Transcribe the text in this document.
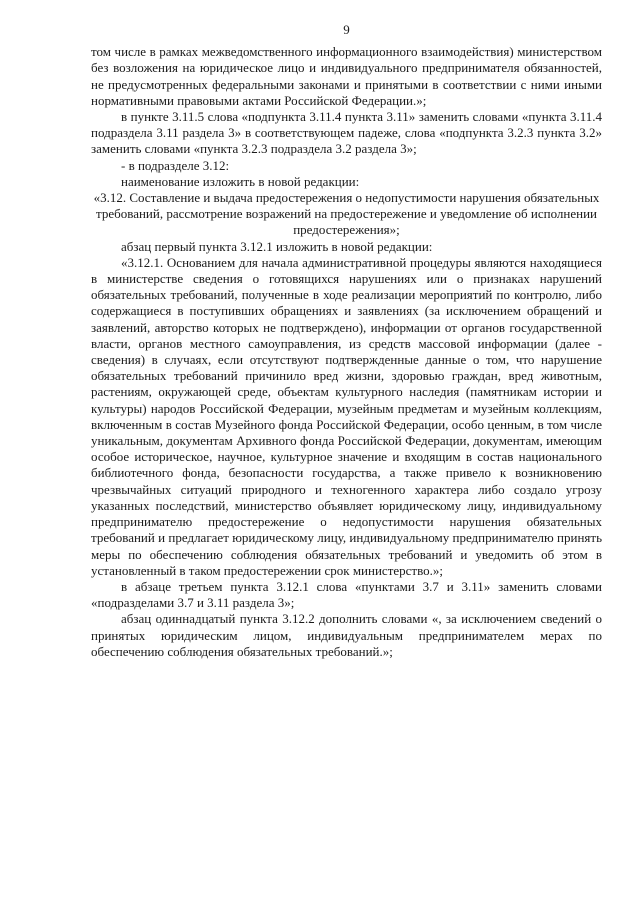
9

том числе в рамках межведомственного информационного взаимодействия) министерством без возложения на юридическое лицо и индивидуального предпринимателя обязанностей, не предусмотренных федеральными законами и принятыми в соответствии с ними иными нормативными правовыми актами Российской Федерации.»;

в пункте 3.11.5 слова «подпункта 3.11.4 пункта 3.11» заменить словами «пункта 3.11.4 подраздела 3.11 раздела 3» в соответствующем падеже, слова «подпункта 3.2.3 пункта 3.2» заменить словами «пункта 3.2.3 подраздела 3.2 раздела 3»;

- в подразделе 3.12:

наименование изложить в новой редакции:

«3.12. Составление и выдача предостережения о недопустимости нарушения обязательных требований, рассмотрение возражений на предостережение и уведомление об исполнении предостережения»;

абзац первый пункта 3.12.1 изложить в новой редакции:

«3.12.1. Основанием для начала административной процедуры являются находящиеся в министерстве сведения о готовящихся нарушениях или о признаках нарушений обязательных требований, полученные в ходе реализации мероприятий по контролю, либо содержащиеся в поступивших обращениях и заявлениях (за исключением обращений и заявлений, авторство которых не подтверждено), информации от органов государственной власти, органов местного самоуправления, из средств массовой информации (далее - сведения) в случаях, если отсутствуют подтвержденные данные о том, что нарушение обязательных требований причинило вред жизни, здоровью граждан, вред животным, растениям, окружающей среде, объектам культурного наследия (памятникам истории и культуры) народов Российской Федерации, музейным предметам и музейным коллекциям, включенным в состав Музейного фонда Российской Федерации, особо ценным, в том числе уникальным, документам Архивного фонда Российской Федерации, документам, имеющим особое историческое, научное, культурное значение и входящим в состав национального библиотечного фонда, безопасности государства, а также привело к возникновению чрезвычайных ситуаций природного и техногенного характера либо создало угрозу указанных последствий, министерство объявляет юридическому лицу, индивидуальному предпринимателю предостережение о недопустимости нарушения обязательных требований и предлагает юридическому лицу, индивидуальному предпринимателю принять меры по обеспечению соблюдения обязательных требований и уведомить об этом в установленный в таком предостережении срок министерство.»;

в абзаце третьем пункта 3.12.1 слова «пунктами 3.7 и 3.11» заменить словами «подразделами 3.7 и 3.11 раздела 3»;

абзац одиннадцатый пункта 3.12.2 дополнить словами «, за исключением сведений о принятых юридическим лицом, индивидуальным предпринимателем мерах по обеспечению соблюдения обязательных требований.»;
